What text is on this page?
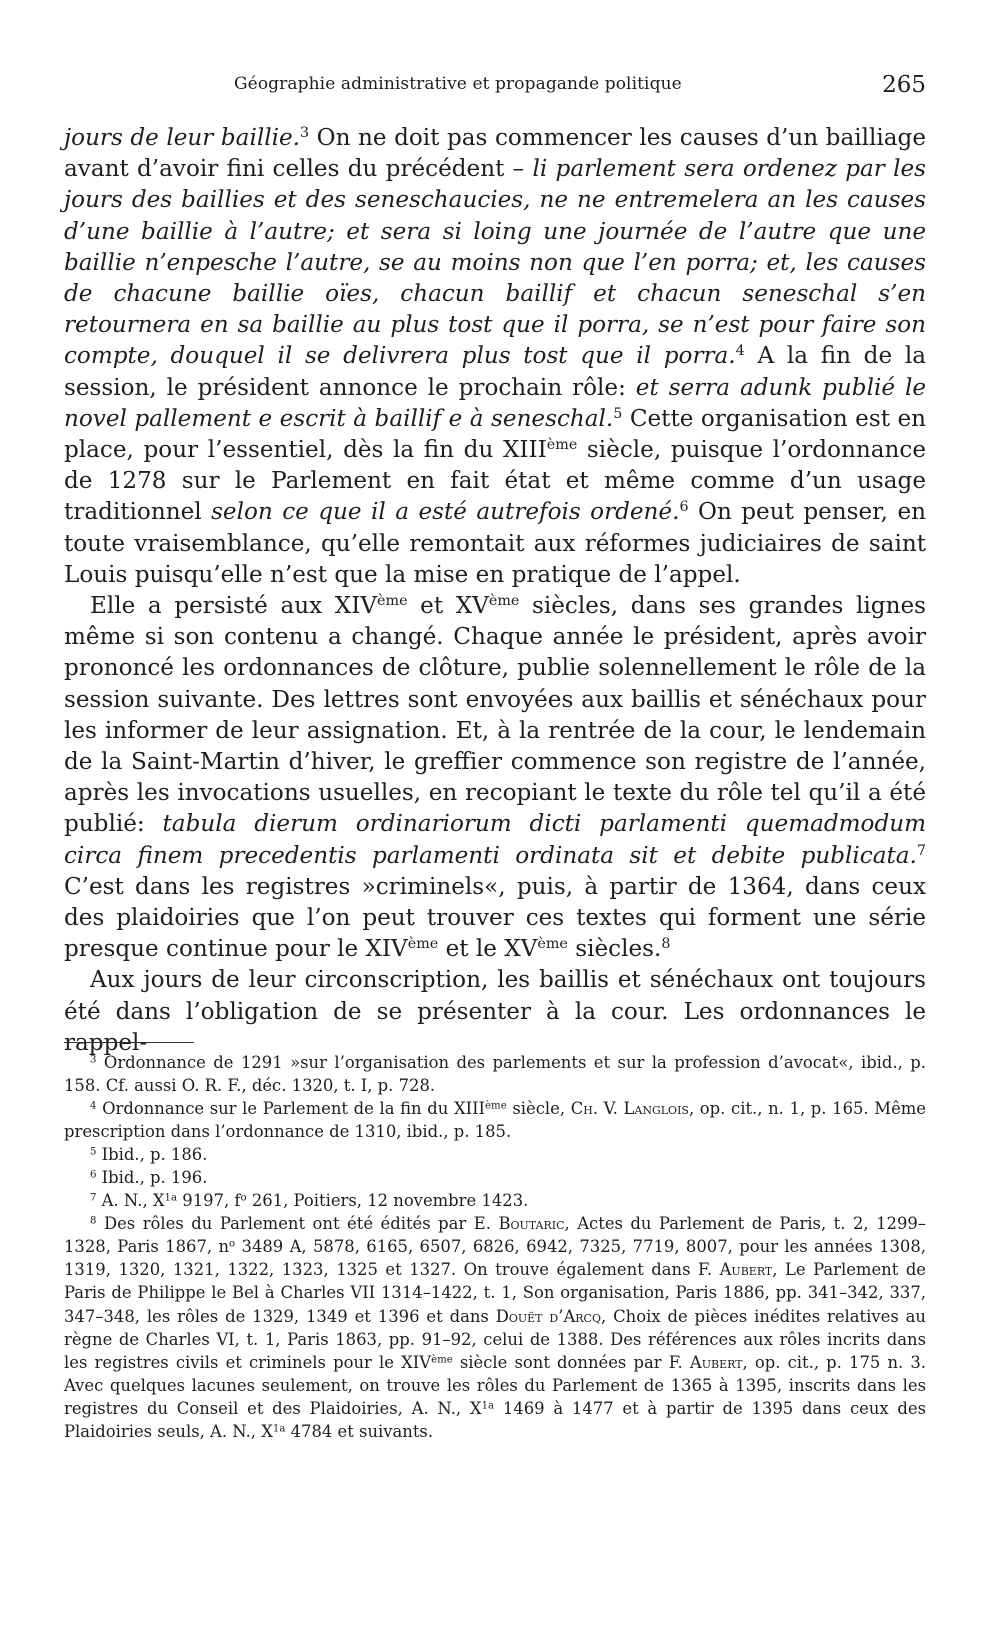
Géographie administrative et propagande politique	265

jours de leur baillie.$^3$ On ne doit pas commencer les causes d’un bailliage avant d’avoir fini celles du précédent – li parlement sera ordenez par les jours des baillies et des seneschaucies, ne ne entremelera an les causes d’une baillie à l’autre; et sera si loing une journée de l’autre que une baillie n’enpesche l’autre, se au moins non que l’en porra; et, les causes de chacune baillie oïes, chacun baillif et chacun seneschal s’en retournera en sa baillie au plus tost que il porra, se n’est pour faire son compte, douquel il se delivrera plus tost que il porra.$^4$ A la fin de la session, le président annonce le prochain rôle: et serra adunk publié le novel pallement e escrit à baillif e à seneschal.$^5$ Cette organisation est en place, pour l’essentiel, dès la fin du XIIIème siècle, puisque l’ordonnance de 1278 sur le Parlement en fait état et même comme d’un usage traditionnel selon ce que il a esté autrefois ordené.$^6$ On peut penser, en toute vraisemblance, qu’elle remontait aux réformes judiciaires de saint Louis puisqu’elle n’est que la mise en pratique de l’appel.

Elle a persisté aux XIVème et XVème siècles, dans ses grandes lignes même si son contenu a changé. Chaque année le président, après avoir prononcé les ordonnances de clôture, publie solennellement le rôle de la session suivante. Des lettres sont envoyées aux baillis et sénéchaux pour les informer de leur assignation. Et, à la rentrée de la cour, le lendemain de la Saint-Martin d’hiver, le greffier commence son registre de l’année, après les invocations usuelles, en recopiant le texte du rôle tel qu’il a été publié: tabula dierum ordinariorum dicti parlamenti quemadmodum circa finem precedentis parlamenti ordinata sit et debite publicata.$^7$ C’est dans les registres »criminels«, puis, à partir de 1364, dans ceux des plaidoiries que l’on peut trouver ces textes qui forment une série presque continue pour le XIVème et le XVème siècles.$^8$

Aux jours de leur circonscription, les baillis et sénéchaux ont toujours été dans l’obligation de se présenter à la cour. Les ordonnances le rappel-

$^3$ Ordonnance de 1291 »sur l’organisation des parlements et sur la profession d’avocat«, ibid., p. 158. Cf. aussi O. R. F., déc. 1320, t. I, p. 728.

$^4$ Ordonnance sur le Parlement de la fin du XIIIème siècle, Ch. V. Langlois, op. cit., n. 1, p. 165. Même prescription dans l’ordonnance de 1310, ibid., p. 185.

$^5$ Ibid., p. 186.

$^6$ Ibid., p. 196.

$^7$ A. N., $X^{1a}$ 9197, $f^o$ 261, Poitiers, 12 novembre 1423.

$^8$ Des rôles du Parlement ont été édités par E. Boutaric, Actes du Parlement de Paris, t. 2, 1299–1328, Paris 1867, $n^o$ 3489 A, 5878, 6165, 6507, 6826, 6942, 7325, 7719, 8007, pour les années 1308, 1319, 1320, 1321, 1322, 1323, 1325 et 1327. On trouve également dans F. Aubert, Le Parlement de Paris de Philippe le Bel à Charles VII 1314–1422, t. 1, Son organisation, Paris 1886, pp. 341–342, 337, 347–348, les rôles de 1329, 1349 et 1396 et dans Douët d’Arcq, Choix de pièces inédites relatives au règne de Charles VI, t. 1, Paris 1863, pp. 91–92, celui de 1388. Des références aux rôles incrits dans les registres civils et criminels pour le XIVème siècle sont données par F. Aubert, op. cit., p. 175 n. 3. Avec quelques lacunes seulement, on trouve les rôles du Parlement de 1365 à 1395, inscrits dans les registres du Conseil et des Plaidoiries, A. N., $X^{1a}$ 1469 à 1477 et à partir de 1395 dans ceux des Plaidoiries seuls, A. N., $X^{1a}$ 4784 et suivants.
